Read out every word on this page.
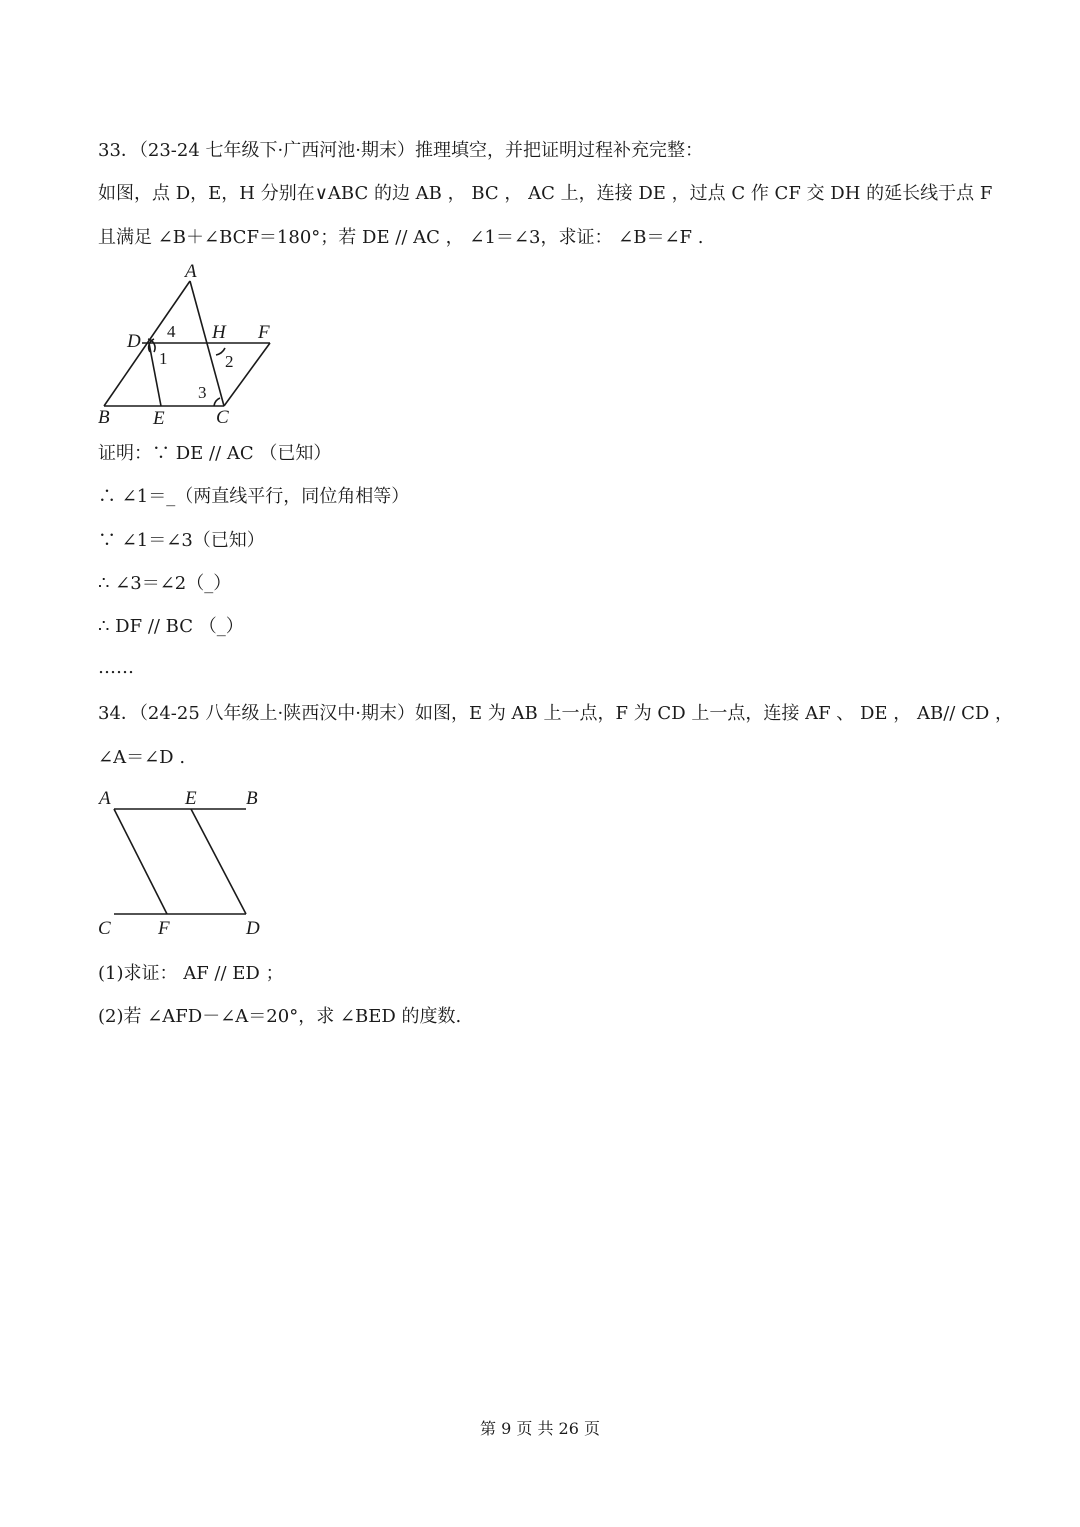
33．（23-24 七年级下·广西河池·期末）推理填空，并把证明过程补充完整：
如图，点 D，E，H 分别在∨ABC 的边 AB ， BC ， AC 上，连接 DE ，过点 C 作 CF 交 DH 的延长线于点 F
且满足 ∠B＋∠BCF＝180°；若 DE // AC ， ∠1＝∠3，求证： ∠B＝∠F .
A
D	H F
B E	C
4
1	2
3
证明：∵ DE // AC （已知）
∴ ∠1＝_（两直线平行，同位角相等）
∵ ∠1＝∠3（已知）
∴ ∠3＝∠2（_）
∴ DF // BC （_）
……
34．（24-25 八年级上·陕西汉中·期末）如图，E 为 AB 上一点，F 为 CD 上一点，连接 AF 、 DE ， AB// CD ，
∠A＝∠D .
A	E	B
C F	D
(1)求证： AF // ED ；
(2)若 ∠AFD－∠A＝20°，求 ∠BED 的度数.
第 9 页 共 26 页
